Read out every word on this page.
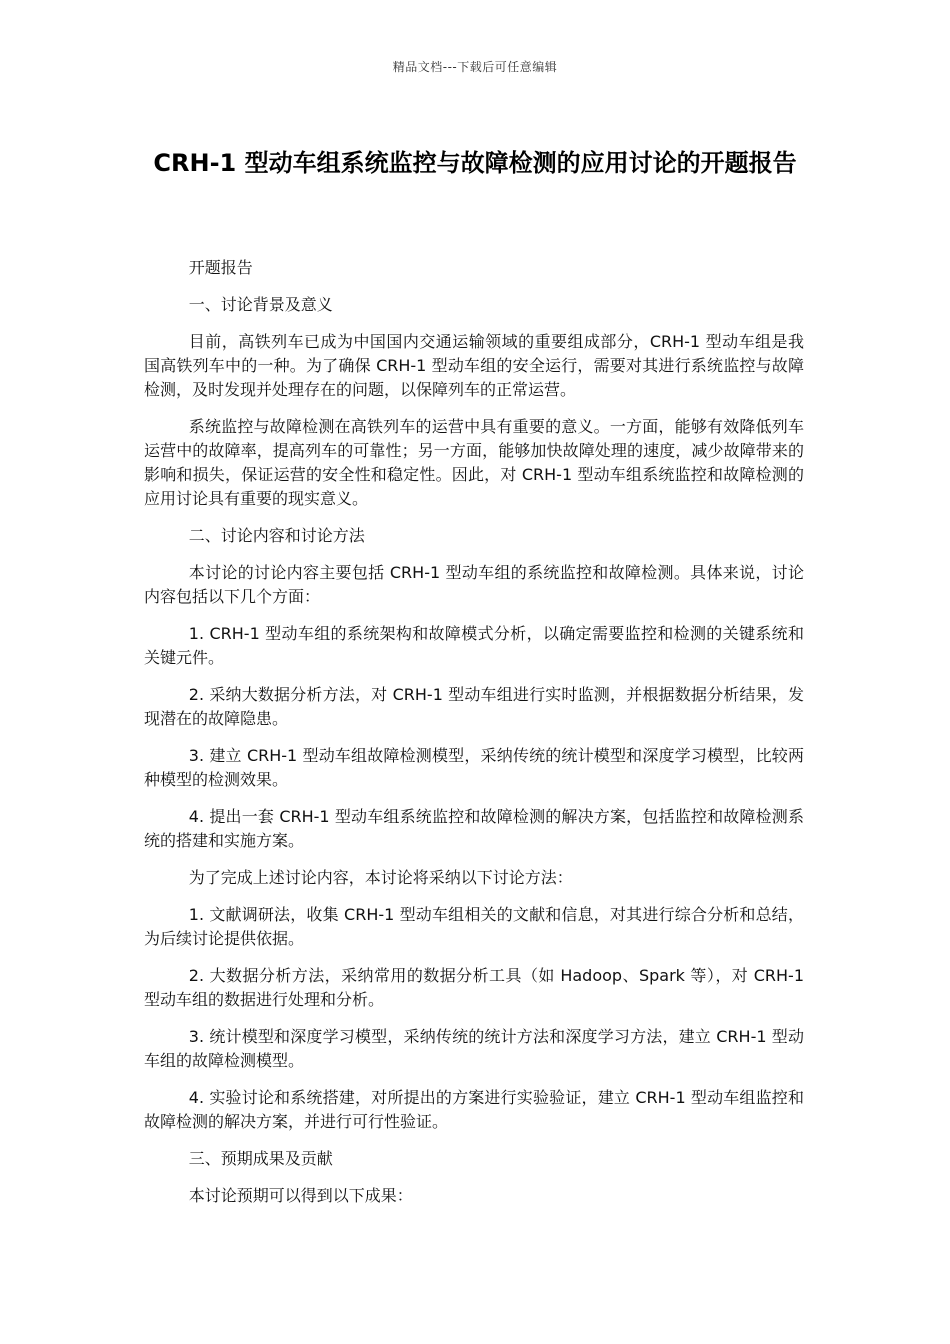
精品文档---下载后可任意编辑
CRH-1 型动车组系统监控与故障检测的应用讨论的开题报告

开题报告

一、讨论背景及意义

目前，高铁列车已成为中国国内交通运输领域的重要组成部分，CRH-1 型动车组是我国高铁列车中的一种。为了确保 CRH-1 型动车组的安全运行，需要对其进行系统监控与故障检测，及时发现并处理存在的问题，以保障列车的正常运营。

系统监控与故障检测在高铁列车的运营中具有重要的意义。一方面，能够有效降低列车运营中的故障率，提高列车的可靠性；另一方面，能够加快故障处理的速度，减少故障带来的影响和损失，保证运营的安全性和稳定性。因此，对 CRH-1 型动车组系统监控和故障检测的应用讨论具有重要的现实意义。

二、讨论内容和讨论方法

本讨论的讨论内容主要包括 CRH-1 型动车组的系统监控和故障检测。具体来说，讨论内容包括以下几个方面：

1. CRH-1 型动车组的系统架构和故障模式分析，以确定需要监控和检测的关键系统和关键元件。

2. 采纳大数据分析方法，对 CRH-1 型动车组进行实时监测，并根据数据分析结果，发现潜在的故障隐患。

3. 建立 CRH-1 型动车组故障检测模型，采纳传统的统计模型和深度学习模型，比较两种模型的检测效果。

4. 提出一套 CRH-1 型动车组系统监控和故障检测的解决方案，包括监控和故障检测系统的搭建和实施方案。

为了完成上述讨论内容，本讨论将采纳以下讨论方法：

1. 文献调研法，收集 CRH-1 型动车组相关的文献和信息，对其进行综合分析和总结，为后续讨论提供依据。

2. 大数据分析方法，采纳常用的数据分析工具（如 Hadoop、Spark 等），对 CRH-1 型动车组的数据进行处理和分析。

3. 统计模型和深度学习模型，采纳传统的统计方法和深度学习方法，建立 CRH-1 型动车组的故障检测模型。

4. 实验讨论和系统搭建，对所提出的方案进行实验验证，建立 CRH-1 型动车组监控和故障检测的解决方案，并进行可行性验证。

三、预期成果及贡献

本讨论预期可以得到以下成果：
